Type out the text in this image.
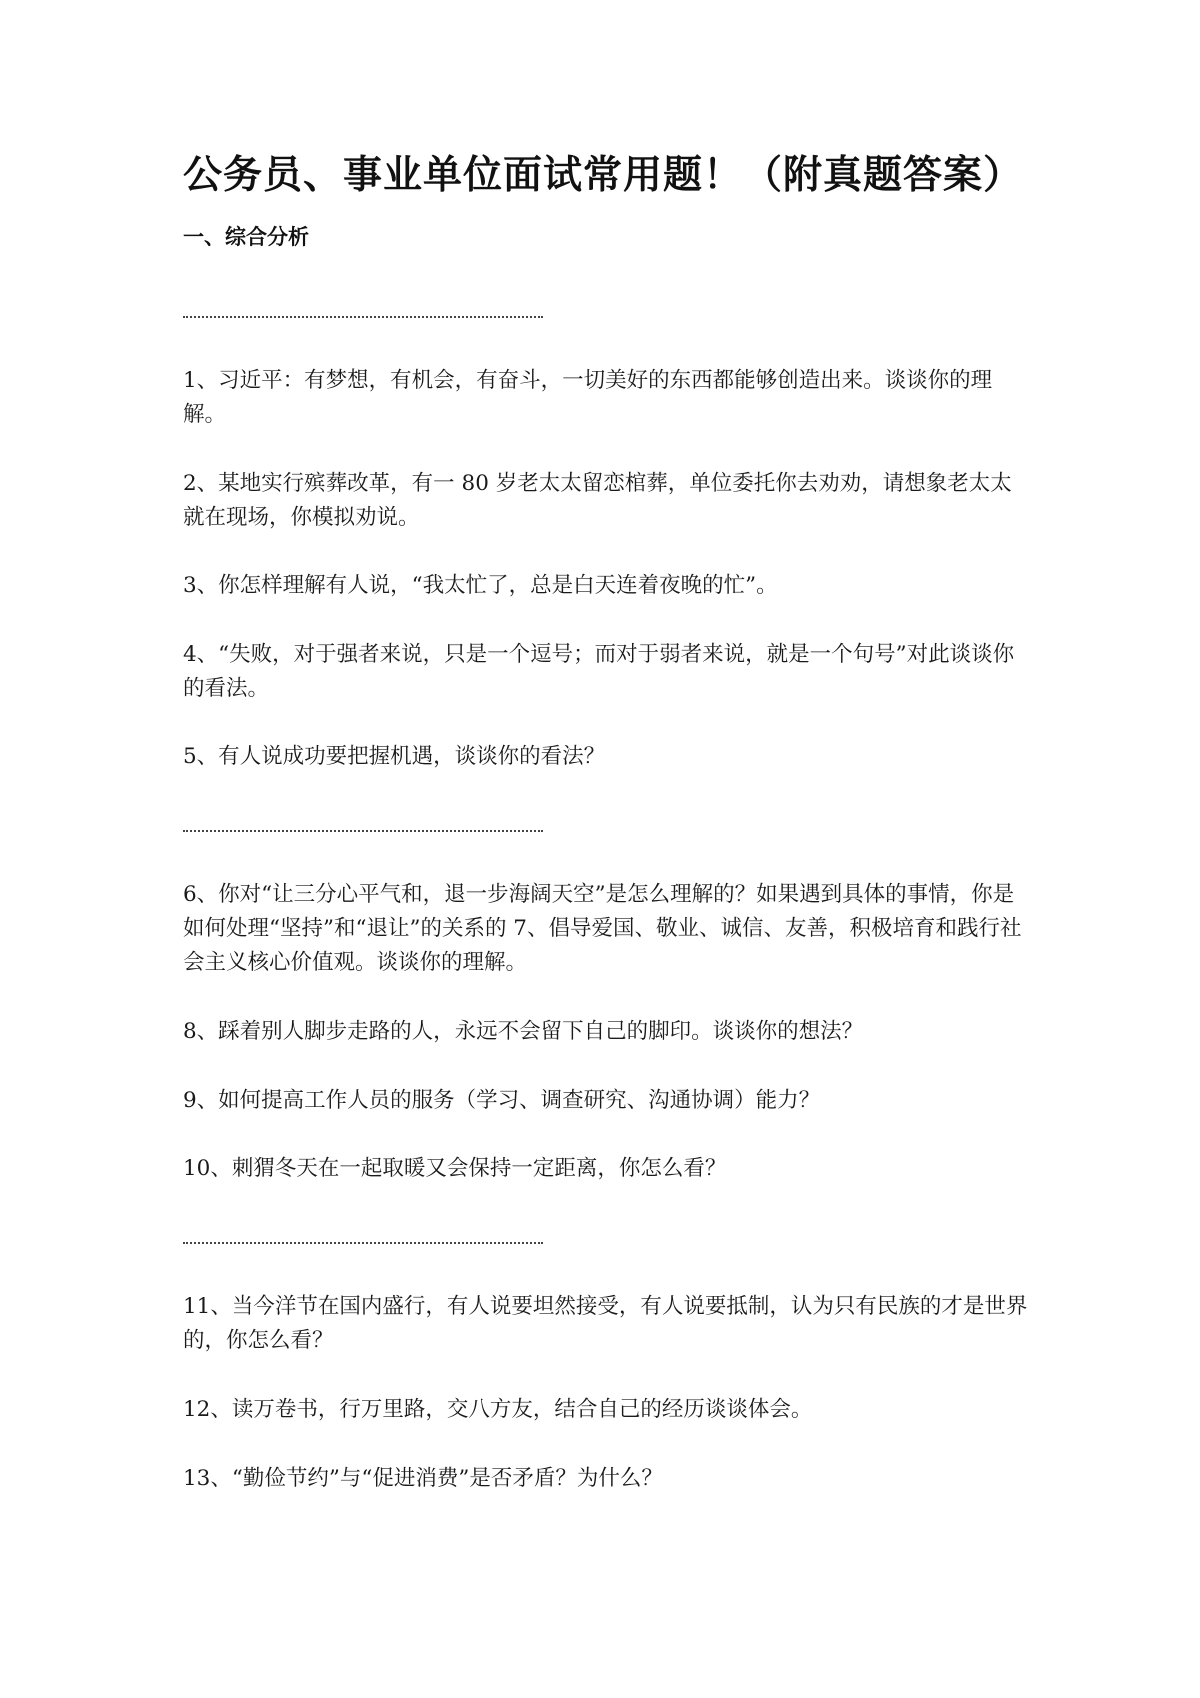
公务员、事业单位面试常用题！（附真题答案）
一、综合分析
1、习近平：有梦想，有机会，有奋斗，一切美好的东西都能够创造出来。谈谈你的理解。
2、某地实行殡葬改革，有一 80 岁老太太留恋棺葬，单位委托你去劝劝，请想象老太太就在现场，你模拟劝说。
3、你怎样理解有人说，“我太忙了，总是白天连着夜晚的忙”。
4、“失败，对于强者来说，只是一个逗号；而对于弱者来说，就是一个句号”对此谈谈你的看法。
5、有人说成功要把握机遇，谈谈你的看法？
6、你对“让三分心平气和，退一步海阔天空”是怎么理解的？如果遇到具体的事情，你是如何处理“坚持”和“退让”的关系的 7、倡导爱国、敬业、诚信、友善，积极培育和践行社会主义核心价值观。谈谈你的理解。
8、踩着别人脚步走路的人，永远不会留下自己的脚印。谈谈你的想法？
9、如何提高工作人员的服务（学习、调查研究、沟通协调）能力？
10、刺猬冬天在一起取暖又会保持一定距离，你怎么看？
11、当今洋节在国内盛行，有人说要坦然接受，有人说要抵制，认为只有民族的才是世界的，你怎么看？
12、读万卷书，行万里路，交八方友，结合自己的经历谈谈体会。
13、“勤俭节约”与“促进消费”是否矛盾？为什么？
